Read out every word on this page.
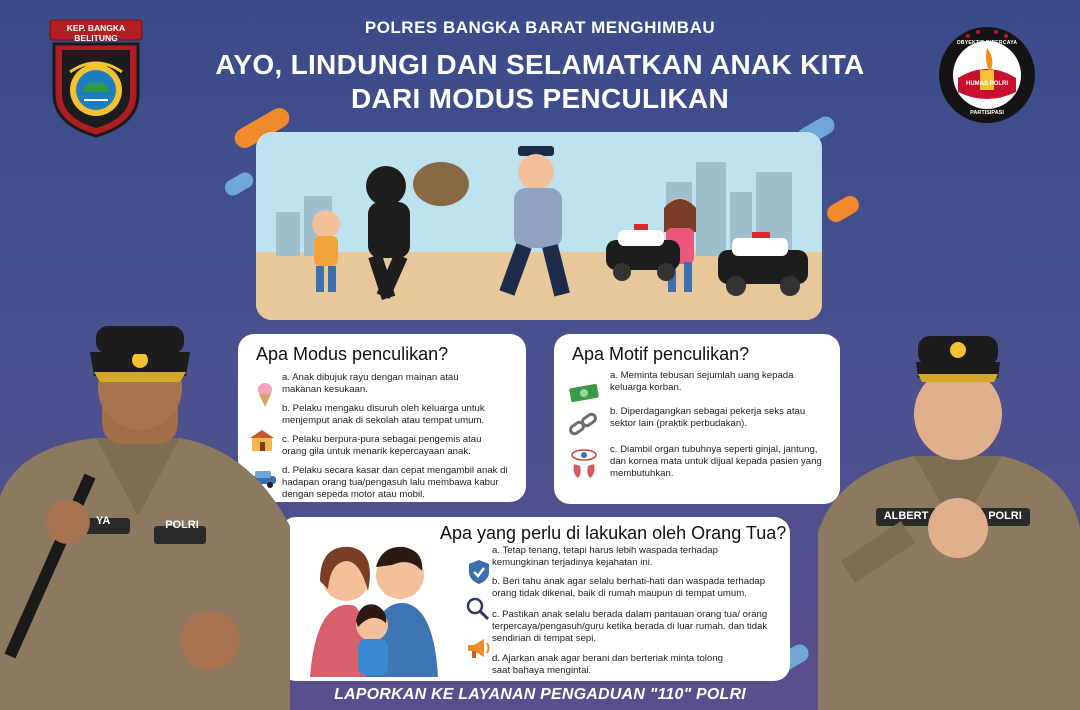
POLRES BANGKA BARAT MENGHIMBAU
AYO, LINDUNGI DAN SELAMATKAN ANAK KITA
DARI MODUS PENCULIKAN
KEP. BANGKA BELITUNG
HUMAS POLRI
OBYEKTIF DIPERCAYA
PARTISIPASI
Apa Modus penculikan?
a. Anak dibujuk rayu dengan mainan atau makanan kesukaan.
b. Pelaku mengaku disuruh oleh keluarga untuk menjemput anak di sekolah atau tempat umum.
c. Pelaku berpura-pura sebagai pengemis atau orang gila untuk menarik kepercayaan anak.
d. Pelaku secara kasar dan cepat mengambil anak di hadapan orang tua/pengasuh lalu membawa kabur dengan sepeda motor atau mobil.
Apa Motif penculikan?
a. Meminta tebusan sejumlah uang kepada keluarga korban.
b. Diperdagangkan sebagai pekerja seks atau sektor lain (praktik perbudakan).
c. Diambil organ tubuhnya seperti ginjal, jantung, dan kornea mata untuk dijual kepada pasien yang membutuhkan.
Apa yang perlu di lakukan oleh Orang Tua?
a. Tetap tenang, tetapi harus lebih waspada terhadap kemungkinan terjadinya kejahatan ini.
b. Beri tahu anak agar selalu berhati-hati dan waspada terhadap orang tidak dikenal, baik di rumah maupun di tempat umum.
c. Pastikan anak selalu berada dalam pantauan orang tua/ orang terpercaya/pengasuh/guru ketika berada di luar rumah. dan tidak sendirian di tempat sepi.
d. Ajarkan anak agar berani dan berteriak minta tolong saat bahaya mengintai.
YA	POLRI
ALBERT	POLRI
LAPORKAN KE LAYANAN PENGADUAN "110" POLRI
